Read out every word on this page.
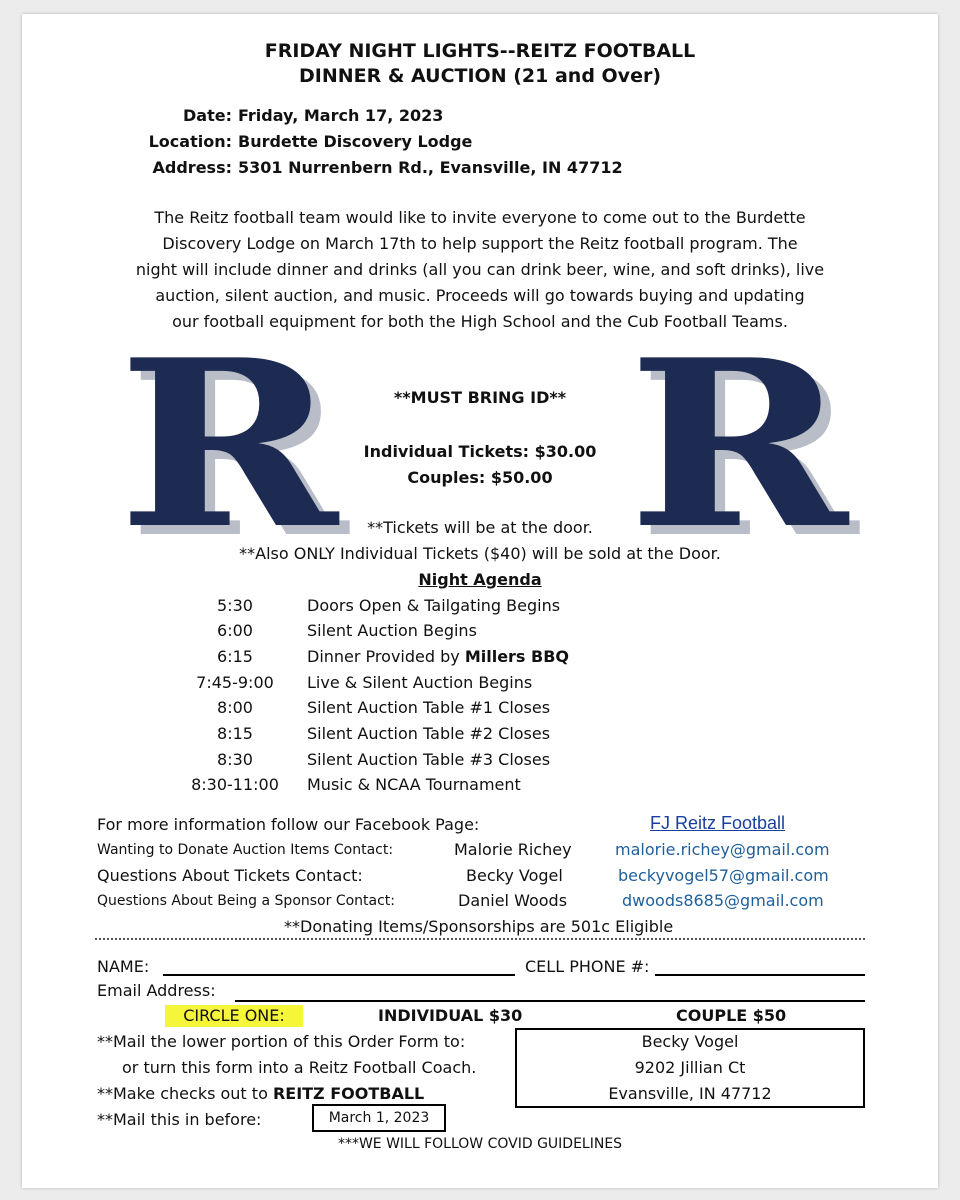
FRIDAY NIGHT LIGHTS--REITZ FOOTBALL
DINNER & AUCTION (21 and Over)
Date: Friday, March 17, 2023
Location: Burdette Discovery Lodge
Address: 5301 Nurrenbern Rd., Evansville, IN 47712
The Reitz football team would like to invite everyone to come out to the Burdette
Discovery Lodge on March 17th to help support the Reitz football program. The
night will include dinner and drinks (all you can drink beer, wine, and soft drinks), live
auction, silent auction, and music. Proceeds will go towards buying and updating
our football equipment for both the High School and the Cub Football Teams.
R R
**MUST BRING ID**
Individual Tickets: $30.00
Couples: $50.00
**Tickets will be at the door.
**Also ONLY Individual Tickets ($40) will be sold at the Door.
Night Agenda
5:30	Doors Open & Tailgating Begins
6:00	Silent Auction Begins
6:15	Dinner Provided by Millers BBQ
7:45-9:00	Live & Silent Auction Begins
8:00	Silent Auction Table #1 Closes
8:15	Silent Auction Table #2 Closes
8:30	Silent Auction Table #3 Closes
8:30-11:00	Music & NCAA Tournament
For more information follow our Facebook Page:	FJ Reitz Football
Wanting to Donate Auction Items Contact:	Malorie Richey	malorie.richey@gmail.com
Questions About Tickets Contact:	Becky Vogel	beckyvogel57@gmail.com
Questions About Being a Sponsor Contact:	Daniel Woods	dwoods8685@gmail.com
**Donating Items/Sponsorships are 501c Eligible
NAME:	CELL PHONE #:
Email Address:
CIRCLE ONE:	INDIVIDUAL $30	COUPLE $50
**Mail the lower portion of this Order Form to:
or turn this form into a Reitz Football Coach.
**Make checks out to REITZ FOOTBALL
**Mail this in before:	March 1, 2023
Becky Vogel
9202 Jillian Ct
Evansville, IN 47712
***WE WILL FOLLOW COVID GUIDELINES
